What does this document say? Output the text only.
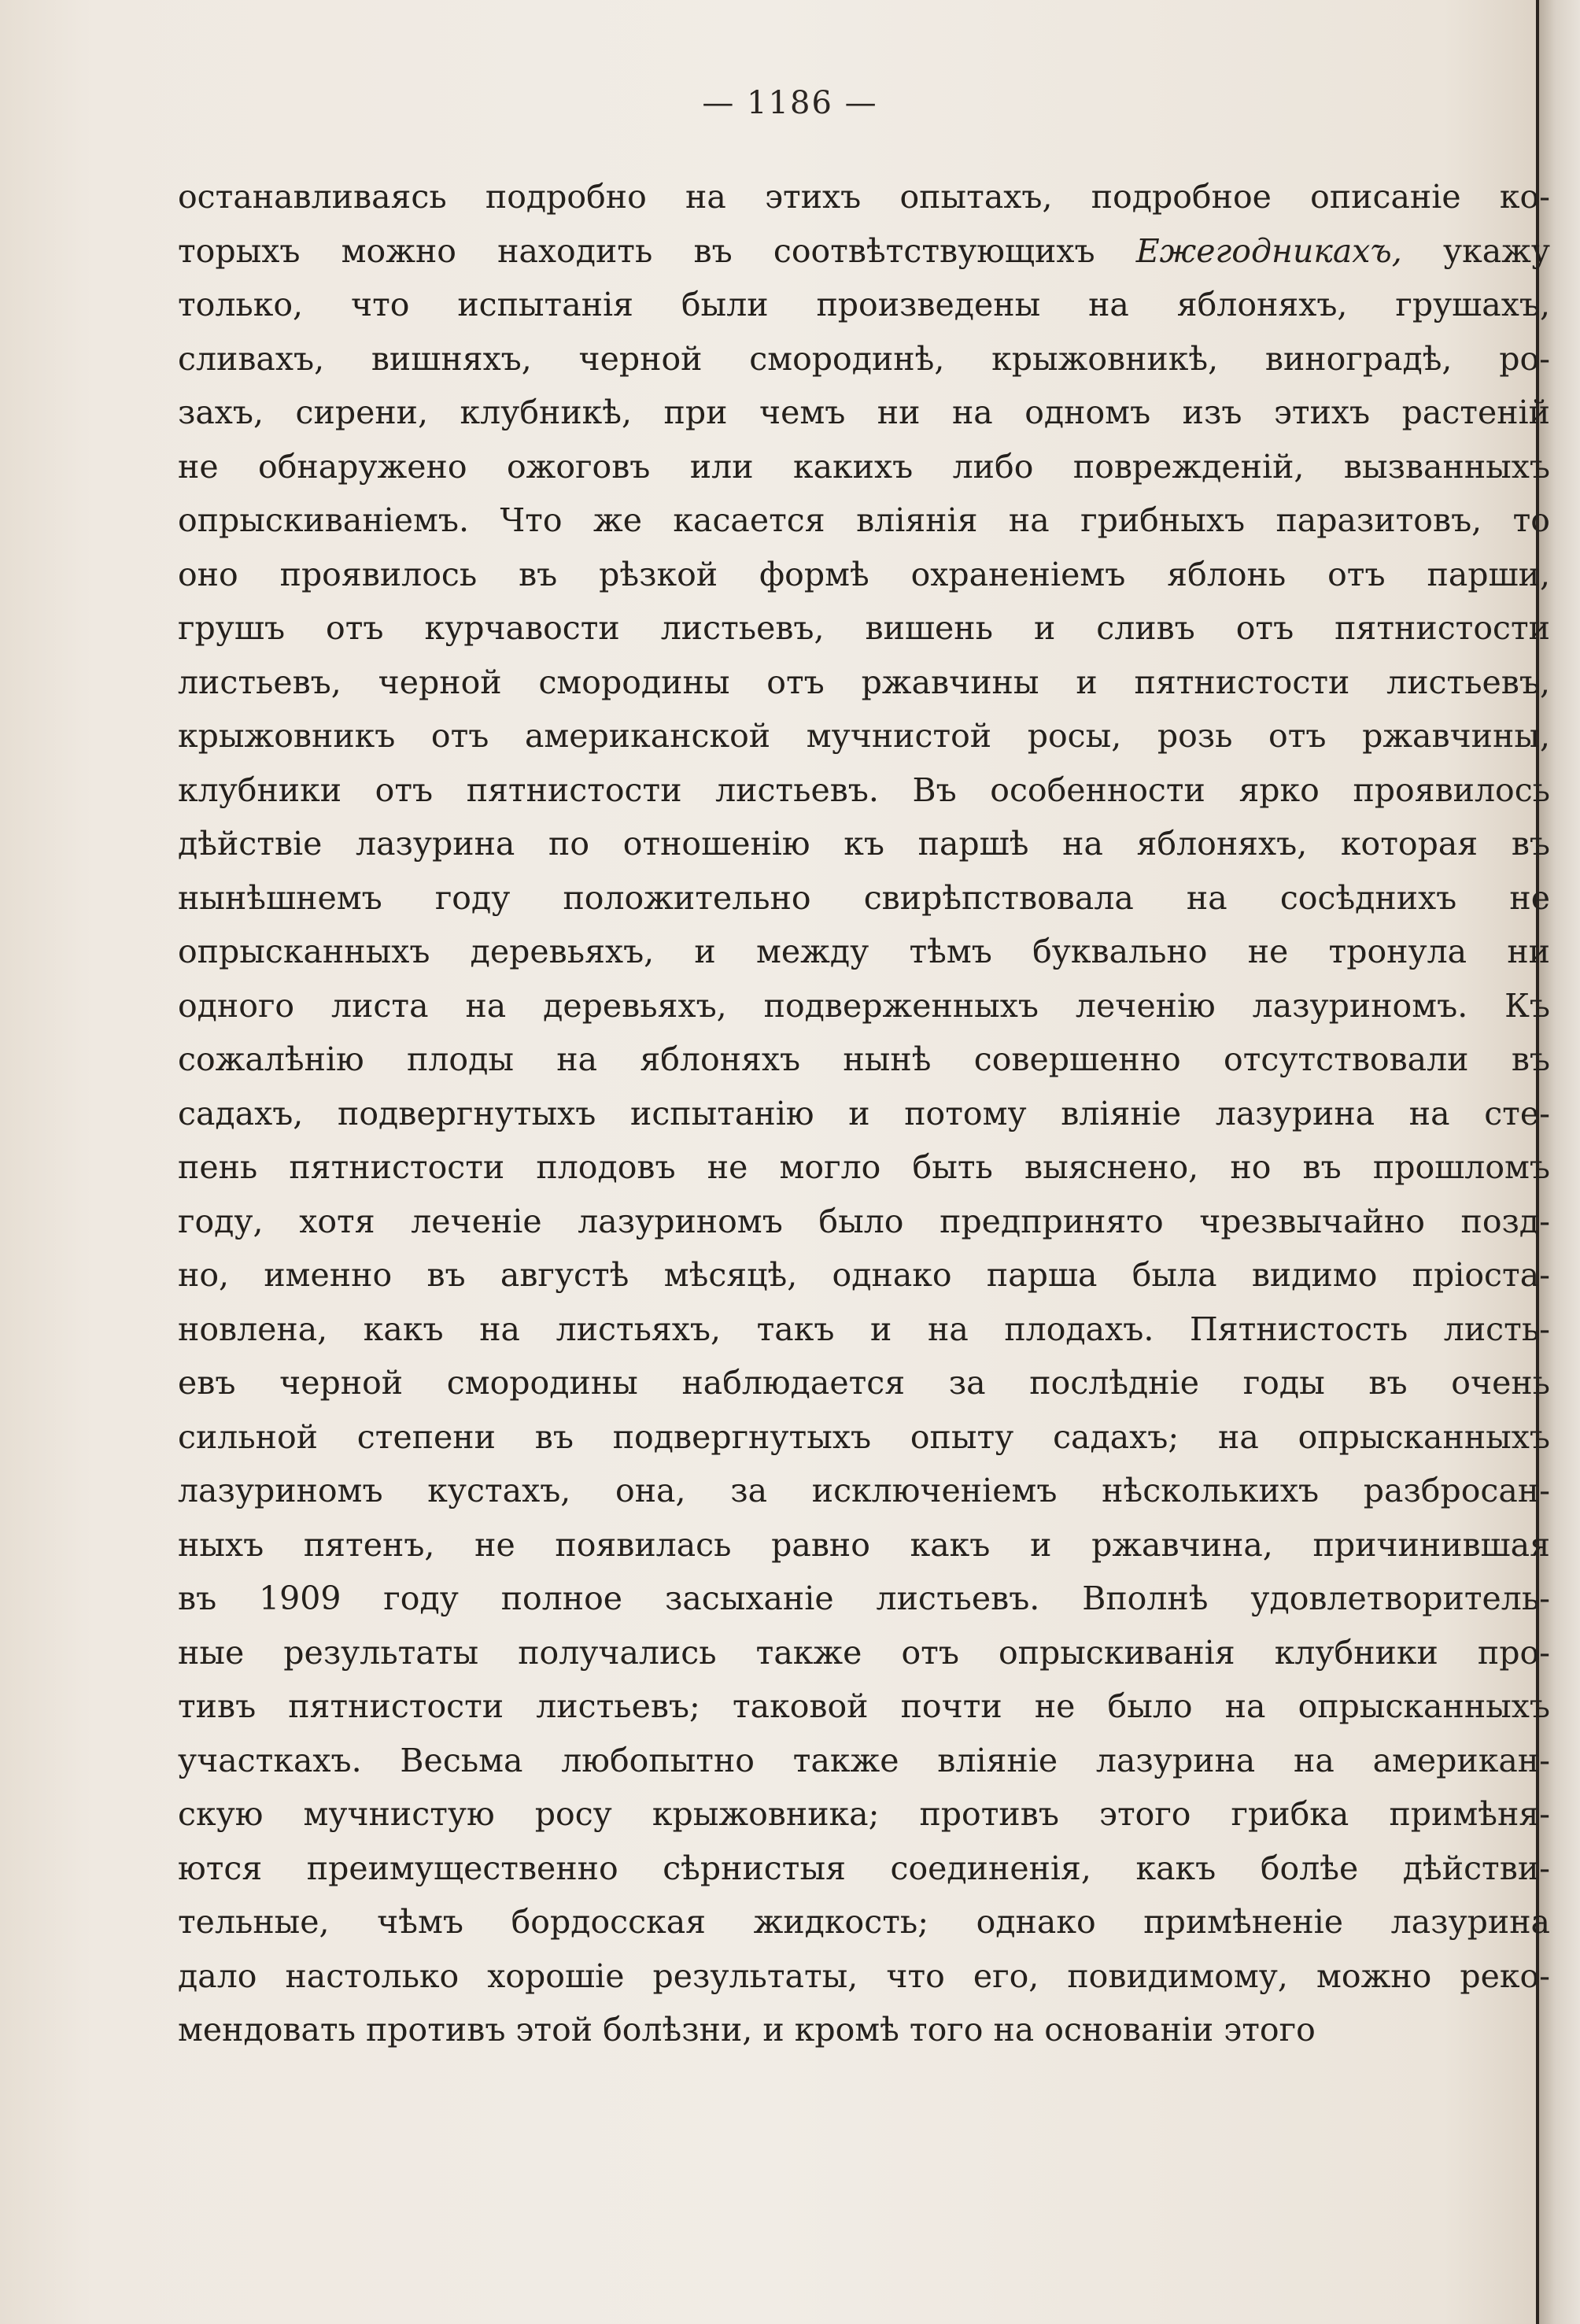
— 1186 —
останавливаясь подробно на этихъ опытахъ, подробное описаніе ко-
торыхъ можно находить въ соотвѣтствующихъ Ежегодникахъ, укажу
только, что испытанія были произведены на яблоняхъ, грушахъ,
сливахъ, вишняхъ, черной смородинѣ, крыжовникѣ, виноградѣ, ро-
захъ, сирени, клубникѣ, при чемъ ни на одномъ изъ этихъ растеній
не обнаружено ожоговъ или какихъ либо поврежденій, вызванныхъ
опрыскиваніемъ. Что же касается вліянія на грибныхъ паразитовъ, то
оно проявилось въ рѣзкой формѣ охраненіемъ яблонь отъ парши,
грушъ отъ курчавости листьевъ, вишень и сливъ отъ пятнистости
листьевъ, черной смородины отъ ржавчины и пятнистости листьевъ,
крыжовникъ отъ американской мучнистой росы, розь отъ ржавчины,
клубники отъ пятнистости листьевъ. Въ особенности ярко проявилось
дѣйствіе лазурина по отношенію къ паршѣ на яблоняхъ, которая въ
нынѣшнемъ году положительно свирѣпствовала на сосѣднихъ не
опрысканныхъ деревьяхъ, и между тѣмъ буквально не тронула ни
одного листа на деревьяхъ, подверженныхъ леченію лазуриномъ. Къ
сожалѣнію плоды на яблоняхъ нынѣ совершенно отсутствовали въ
садахъ, подвергнутыхъ испытанію и потому вліяніе лазурина на сте-
пень пятнистости плодовъ не могло быть выяснено, но въ прошломъ
году, хотя леченіе лазуриномъ было предпринято чрезвычайно позд-
но, именно въ августѣ мѣсяцѣ, однако парша была видимо пріоста-
новлена, какъ на листьяхъ, такъ и на плодахъ. Пятнистость листь-
евъ черной смородины наблюдается за послѣдніе годы въ очень
сильной степени въ подвергнутыхъ опыту садахъ; на опрысканныхъ
лазуриномъ кустахъ, она, за исключеніемъ нѣсколькихъ разбросан-
ныхъ пятенъ, не появилась равно какъ и ржавчина, причинившая
въ 1909 году полное засыханіе листьевъ. Вполнѣ удовлетворитель-
ные результаты получались также отъ опрыскиванія клубники про-
тивъ пятнистости листьевъ; таковой почти не было на опрысканныхъ
участкахъ. Весьма любопытно также вліяніе лазурина на американ-
скую мучнистую росу крыжовника; противъ этого грибка примѣня-
ются преимущественно сѣрнистыя соединенія, какъ болѣе дѣйстви-
тельные, чѣмъ бордосская жидкость; однако примѣненіе лазурина
дало настолько хорошіе результаты, что его, повидимому, можно реко-
мендовать противъ этой болѣзни, и кромѣ того на основаніи этого
